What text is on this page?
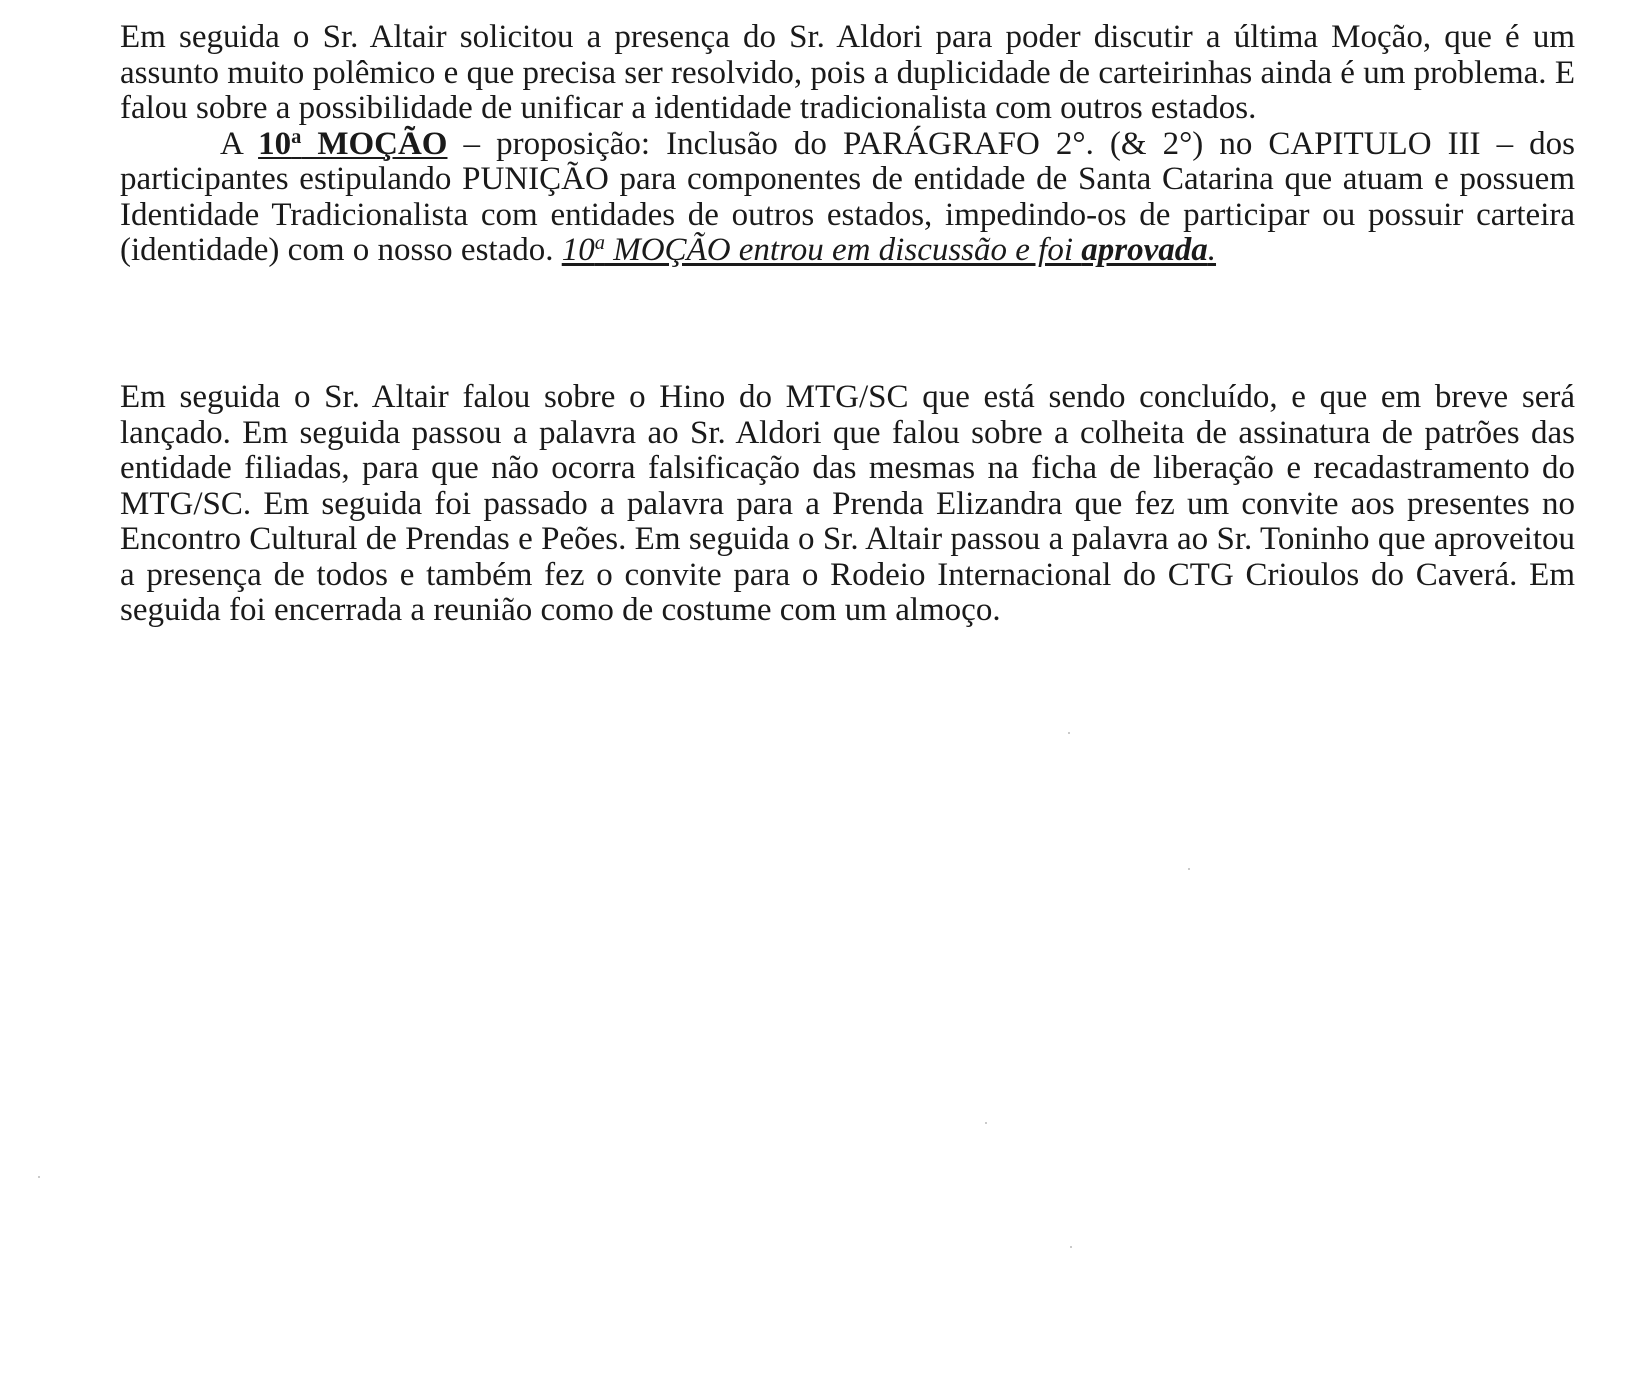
Em seguida o Sr. Altair solicitou a presença do Sr. Aldori para poder discutir a última Moção, que é um assunto muito polêmico e que precisa ser resolvido, pois a duplicidade de carteirinhas ainda é um problema. E falou sobre a possibilidade de unificar a identidade tradicionalista com outros estados.

A 10$^a$ MOÇÃO – proposição: Inclusão do PARÁGRAFO 2°. (& 2°) no CAPITULO III – dos participantes estipulando PUNIÇÃO para componentes de entidade de Santa Catarina que atuam e possuem Identidade Tradicionalista com entidades de outros estados, impedindo-os de participar ou possuir carteira (identidade) com o nosso estado. 10$^a$ MOÇÃO entrou em discussão e foi aprovada.

Em seguida o Sr. Altair falou sobre o Hino do MTG/SC que está sendo concluído, e que em breve será lançado. Em seguida passou a palavra ao Sr. Aldori que falou sobre a colheita de assinatura de patrões das entidade filiadas, para que não ocorra falsificação das mesmas na ficha de liberação e recadastramento do MTG/SC. Em seguida foi passado a palavra para a Prenda Elizandra que fez um convite aos presentes no Encontro Cultural de Prendas e Peões. Em seguida o Sr. Altair passou a palavra ao Sr. Toninho que aproveitou a presença de todos e também fez o convite para o Rodeio Internacional do CTG Crioulos do Caverá. Em seguida foi encerrada a reunião como de costume com um almoço.
